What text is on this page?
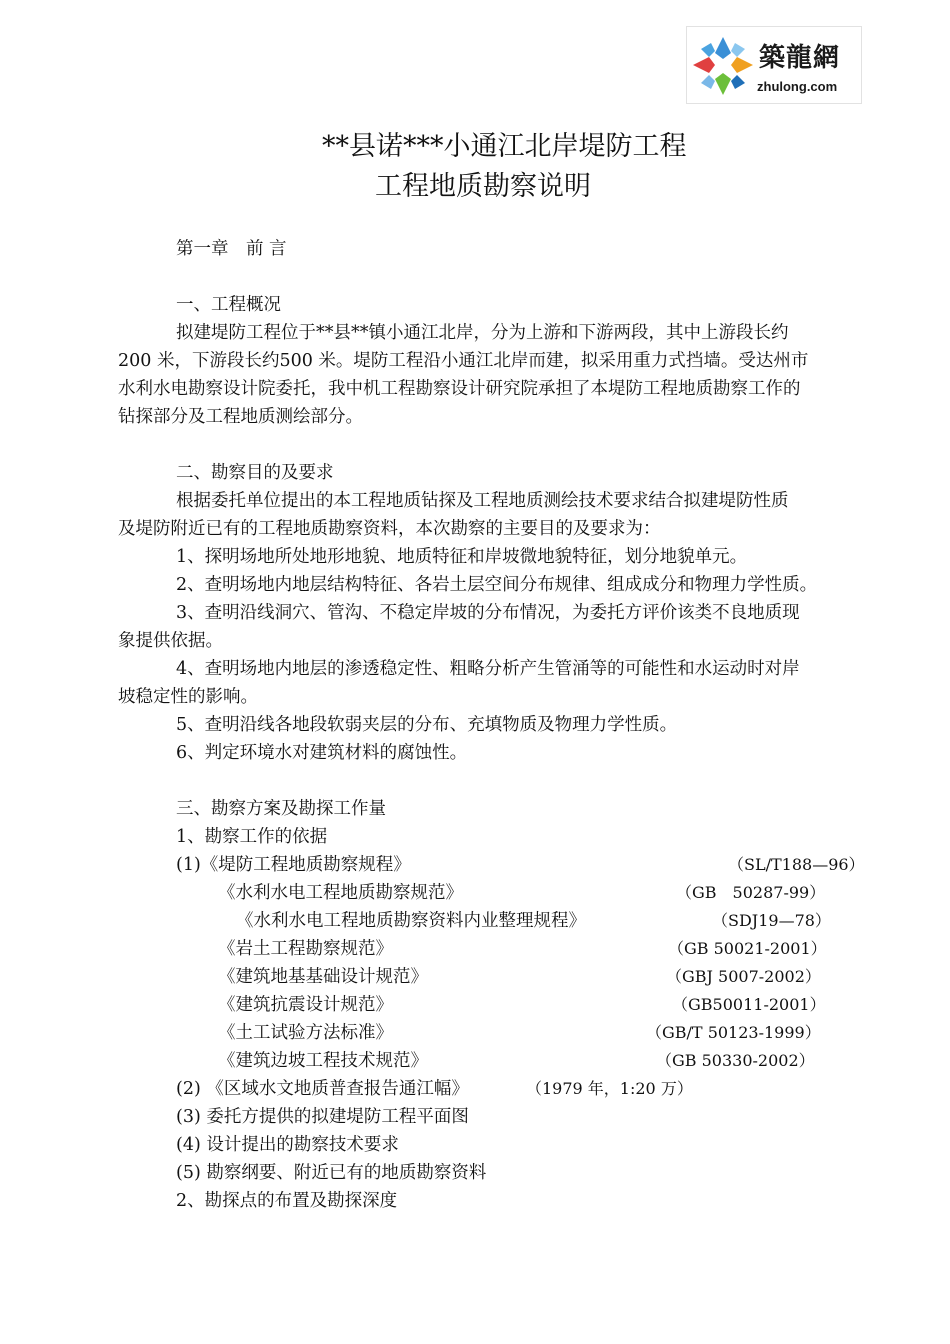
築龍網
zhulong.com
**县诺***小通江北岸堤防工程
工程地质勘察说明
第一章　前 言
一、工程概况
拟建堤防工程位于**县**镇小通江北岸，分为上游和下游两段，其中上游段长约
200 米，下游段长约500 米。堤防工程沿小通江北岸而建，拟采用重力式挡墙。受达州市
水利水电勘察设计院委托，我中机工程勘察设计研究院承担了本堤防工程地质勘察工作的
钻探部分及工程地质测绘部分。
二、勘察目的及要求
根据委托单位提出的本工程地质钻探及工程地质测绘技术要求结合拟建堤防性质
及堤防附近已有的工程地质勘察资料，本次勘察的主要目的及要求为：
1、探明场地所处地形地貌、地质特征和岸坡微地貌特征，划分地貌单元。
2、查明场地内地层结构特征、各岩土层空间分布规律、组成成分和物理力学性质。
3、查明沿线洞穴、管沟、不稳定岸坡的分布情况，为委托方评价该类不良地质现
象提供依据。
4、查明场地内地层的渗透稳定性、粗略分析产生管涌等的可能性和水运动时对岸
坡稳定性的影响。
5、查明沿线各地段软弱夹层的分布、充填物质及物理力学性质。
6、判定环境水对建筑材料的腐蚀性。
三、勘察方案及勘探工作量
1、勘察工作的依据
(1)《堤防工程地质勘察规程》	（SL/T188—96）
《水利水电工程地质勘察规范》	（GB　50287-99）
《水利水电工程地质勘察资料内业整理规程》	（SDJ19—78）
《岩土工程勘察规范》	（GB 50021-2001）
《建筑地基基础设计规范》	（GBJ 5007-2002）
《建筑抗震设计规范》	（GB50011-2001）
《土工试验方法标准》	（GB/T 50123-1999）
《建筑边坡工程技术规范》	（GB 50330-2002）
(2) 《区域水文地质普查报告通江幅》	（1979 年，1:20 万）
(3) 委托方提供的拟建堤防工程平面图
(4) 设计提出的勘察技术要求
(5) 勘察纲要、附近已有的地质勘察资料
2、勘探点的布置及勘探深度
